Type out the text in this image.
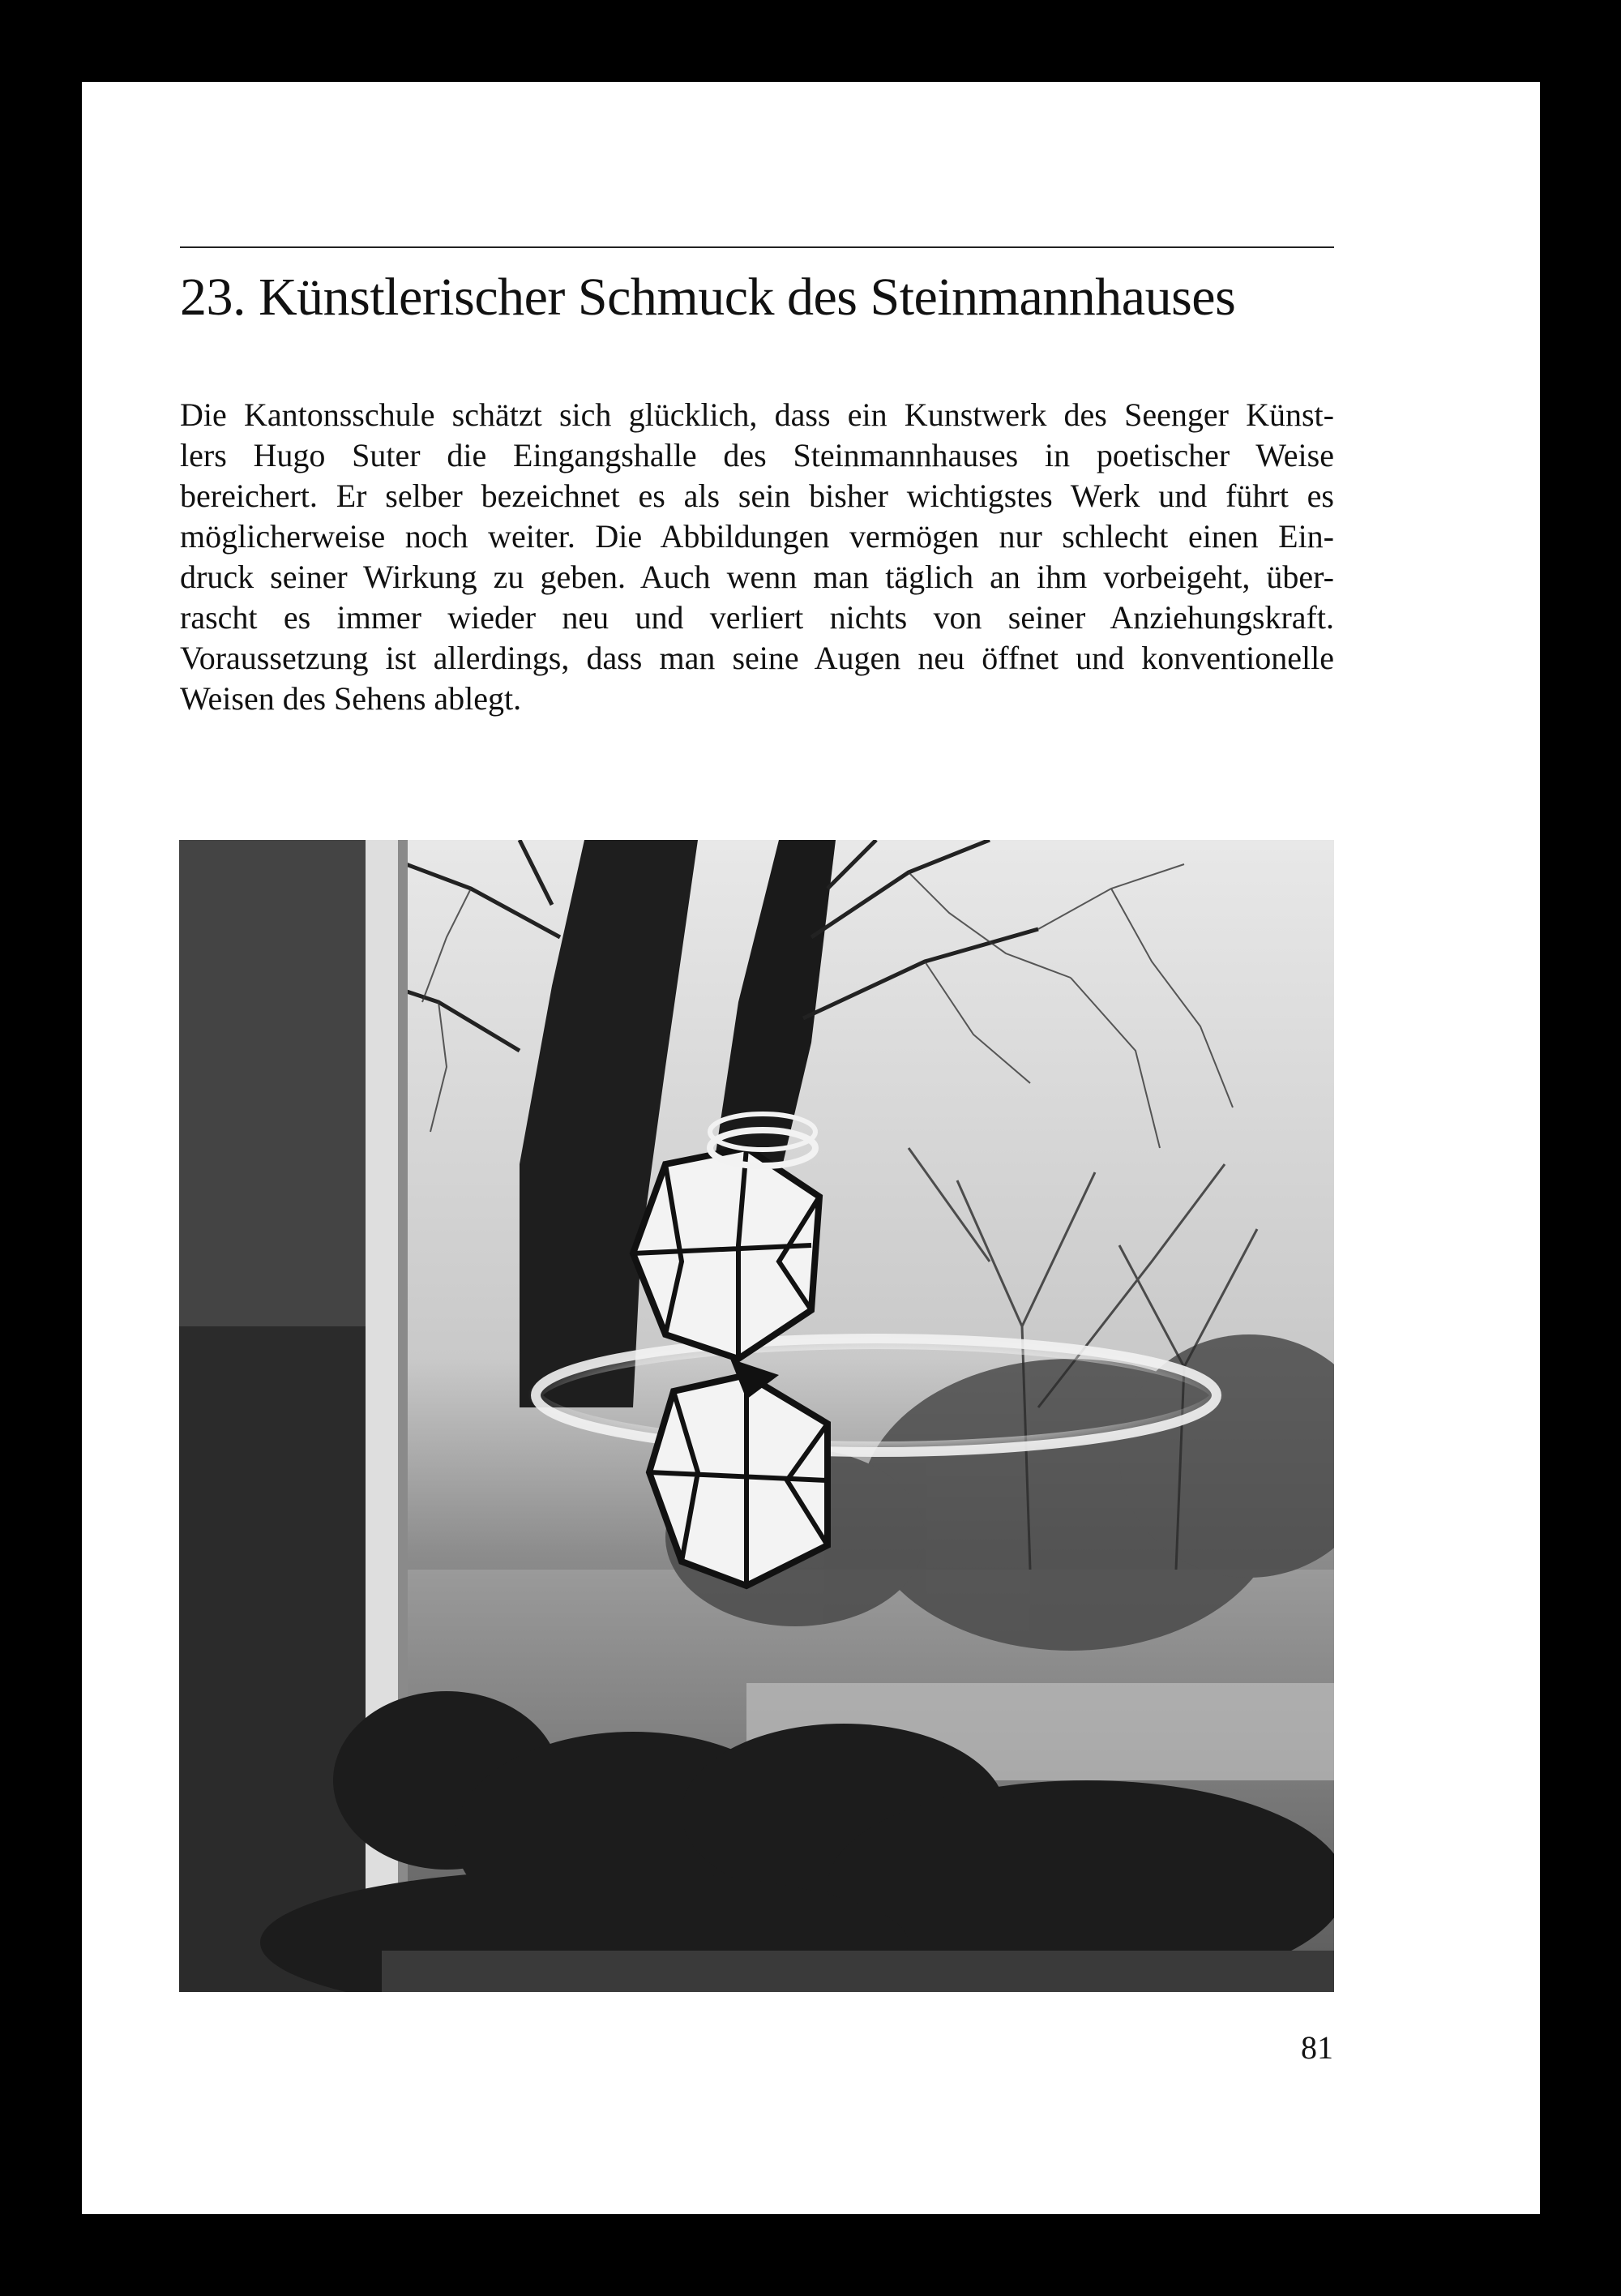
23. Künstlerischer Schmuck des Steinmannhauses
Die Kantonsschule schätzt sich glücklich, dass ein Kunstwerk des Seenger Künst-
lers Hugo Suter die Eingangshalle des Steinmannhauses in poetischer Weise
bereichert. Er selber bezeichnet es als sein bisher wichtigstes Werk und führt es
möglicherweise noch weiter. Die Abbildungen vermögen nur schlecht einen Ein-
druck seiner Wirkung zu geben. Auch wenn man täglich an ihm vorbeigeht, über-
rascht es immer wieder neu und verliert nichts von seiner Anziehungskraft.
Voraussetzung ist allerdings, dass man seine Augen neu öffnet und konventionelle
Weisen des Sehens ablegt.
81
